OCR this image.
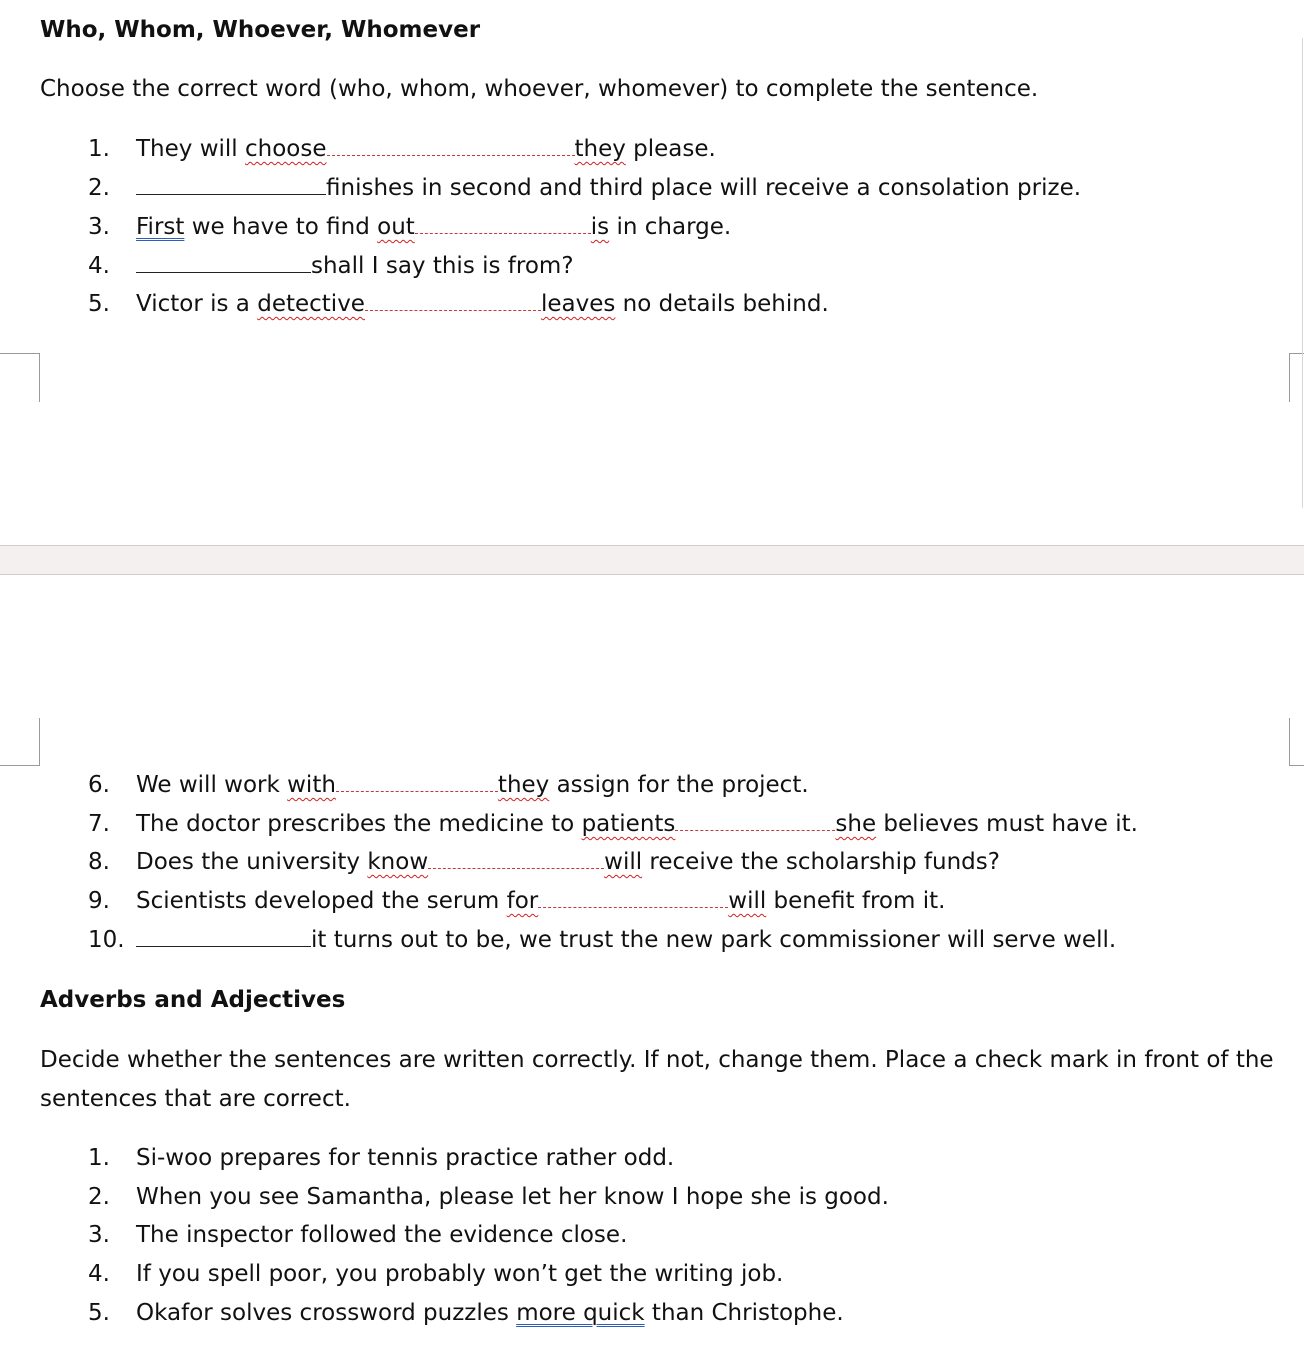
Who, Whom, Whoever, Whomever
Choose the correct word (who, whom, whoever, whomever) to complete the sentence.
1. They will choose	they please.
2.	finishes in second and third place will receive a consolation prize.
3. First we have to find out	is in charge.
4.	shall I say this is from?
5. Victor is a detective	leaves no details behind.
6. We will work with	they assign for the project.
7. The doctor prescribes the medicine to patients	she believes must have it.
8. Does the university know	will receive the scholarship funds?
9. Scientists developed the serum for	will benefit from it.
10.	it turns out to be, we trust the new park commissioner will serve well.
Adverbs and Adjectives
Decide whether the sentences are written correctly. If not, change them. Place a check mark in front of the sentences that are correct.
1. Si-woo prepares for tennis practice rather odd.
2. When you see Samantha, please let her know I hope she is good.
3. The inspector followed the evidence close.
4. If you spell poor, you probably won’t get the writing job.
5. Okafor solves crossword puzzles more quick than Christophe.
